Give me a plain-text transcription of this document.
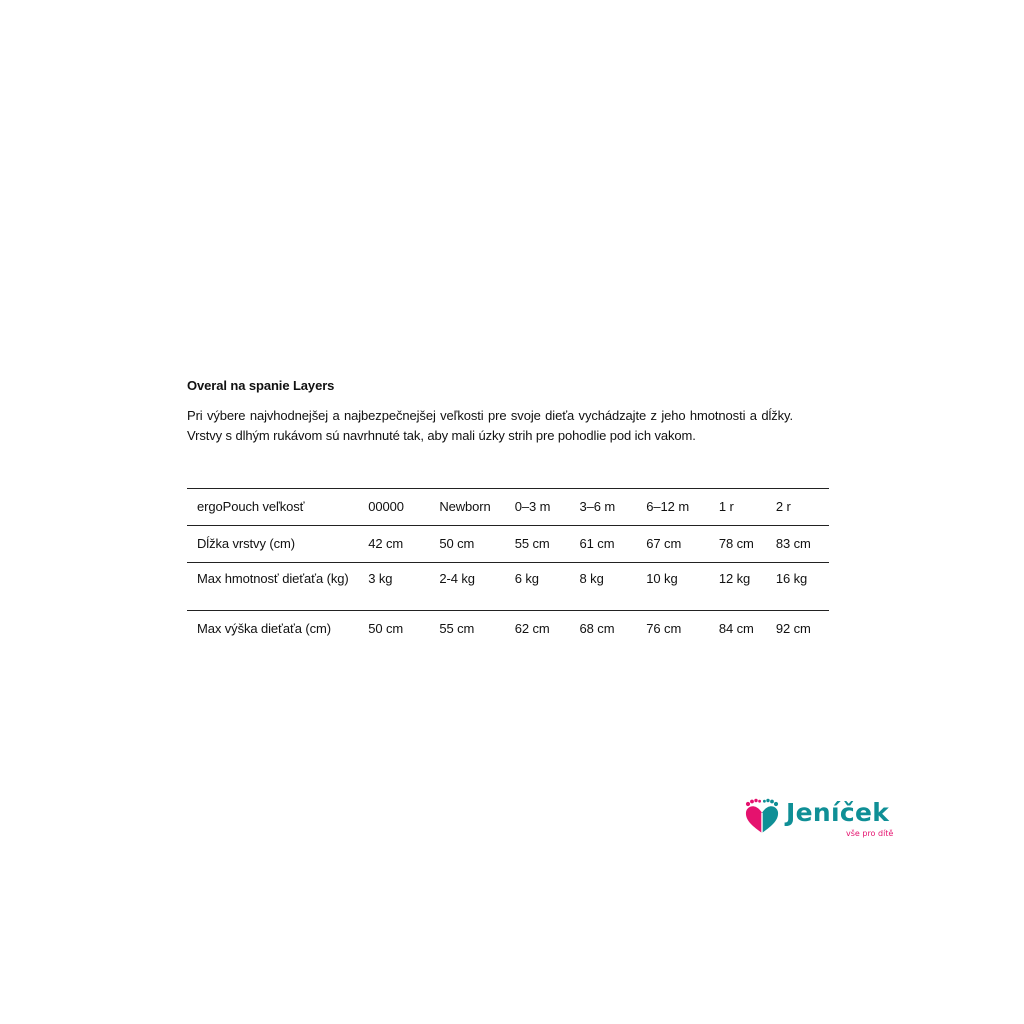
Overal na spanie Layers

Pri výbere najvhodnejšej a najbezpečnejšej veľkosti pre svoje dieťa vychádzajte z jeho hmotnosti a dĺžky. Vrstvy s dlhým rukávom sú navrhnuté tak, aby mali úzky strih pre pohodlie pod ich vakom.

ergoPouch veľkosť	00000	Newborn	0–3 m	3–6 m	6–12 m	1 r	2 r
Dĺžka vrstvy (cm)	42 cm	50 cm	55 cm	61 cm	67 cm	78 cm	83 cm
Max hmotnosť dieťaťa (kg)	3 kg	2-4 kg	6 kg	8 kg	10 kg	12 kg	16 kg
Max výška dieťaťa (cm)	50 cm	55 cm	62 cm	68 cm	76 cm	84 cm	92 cm
Jeníček
vše pro dítě
